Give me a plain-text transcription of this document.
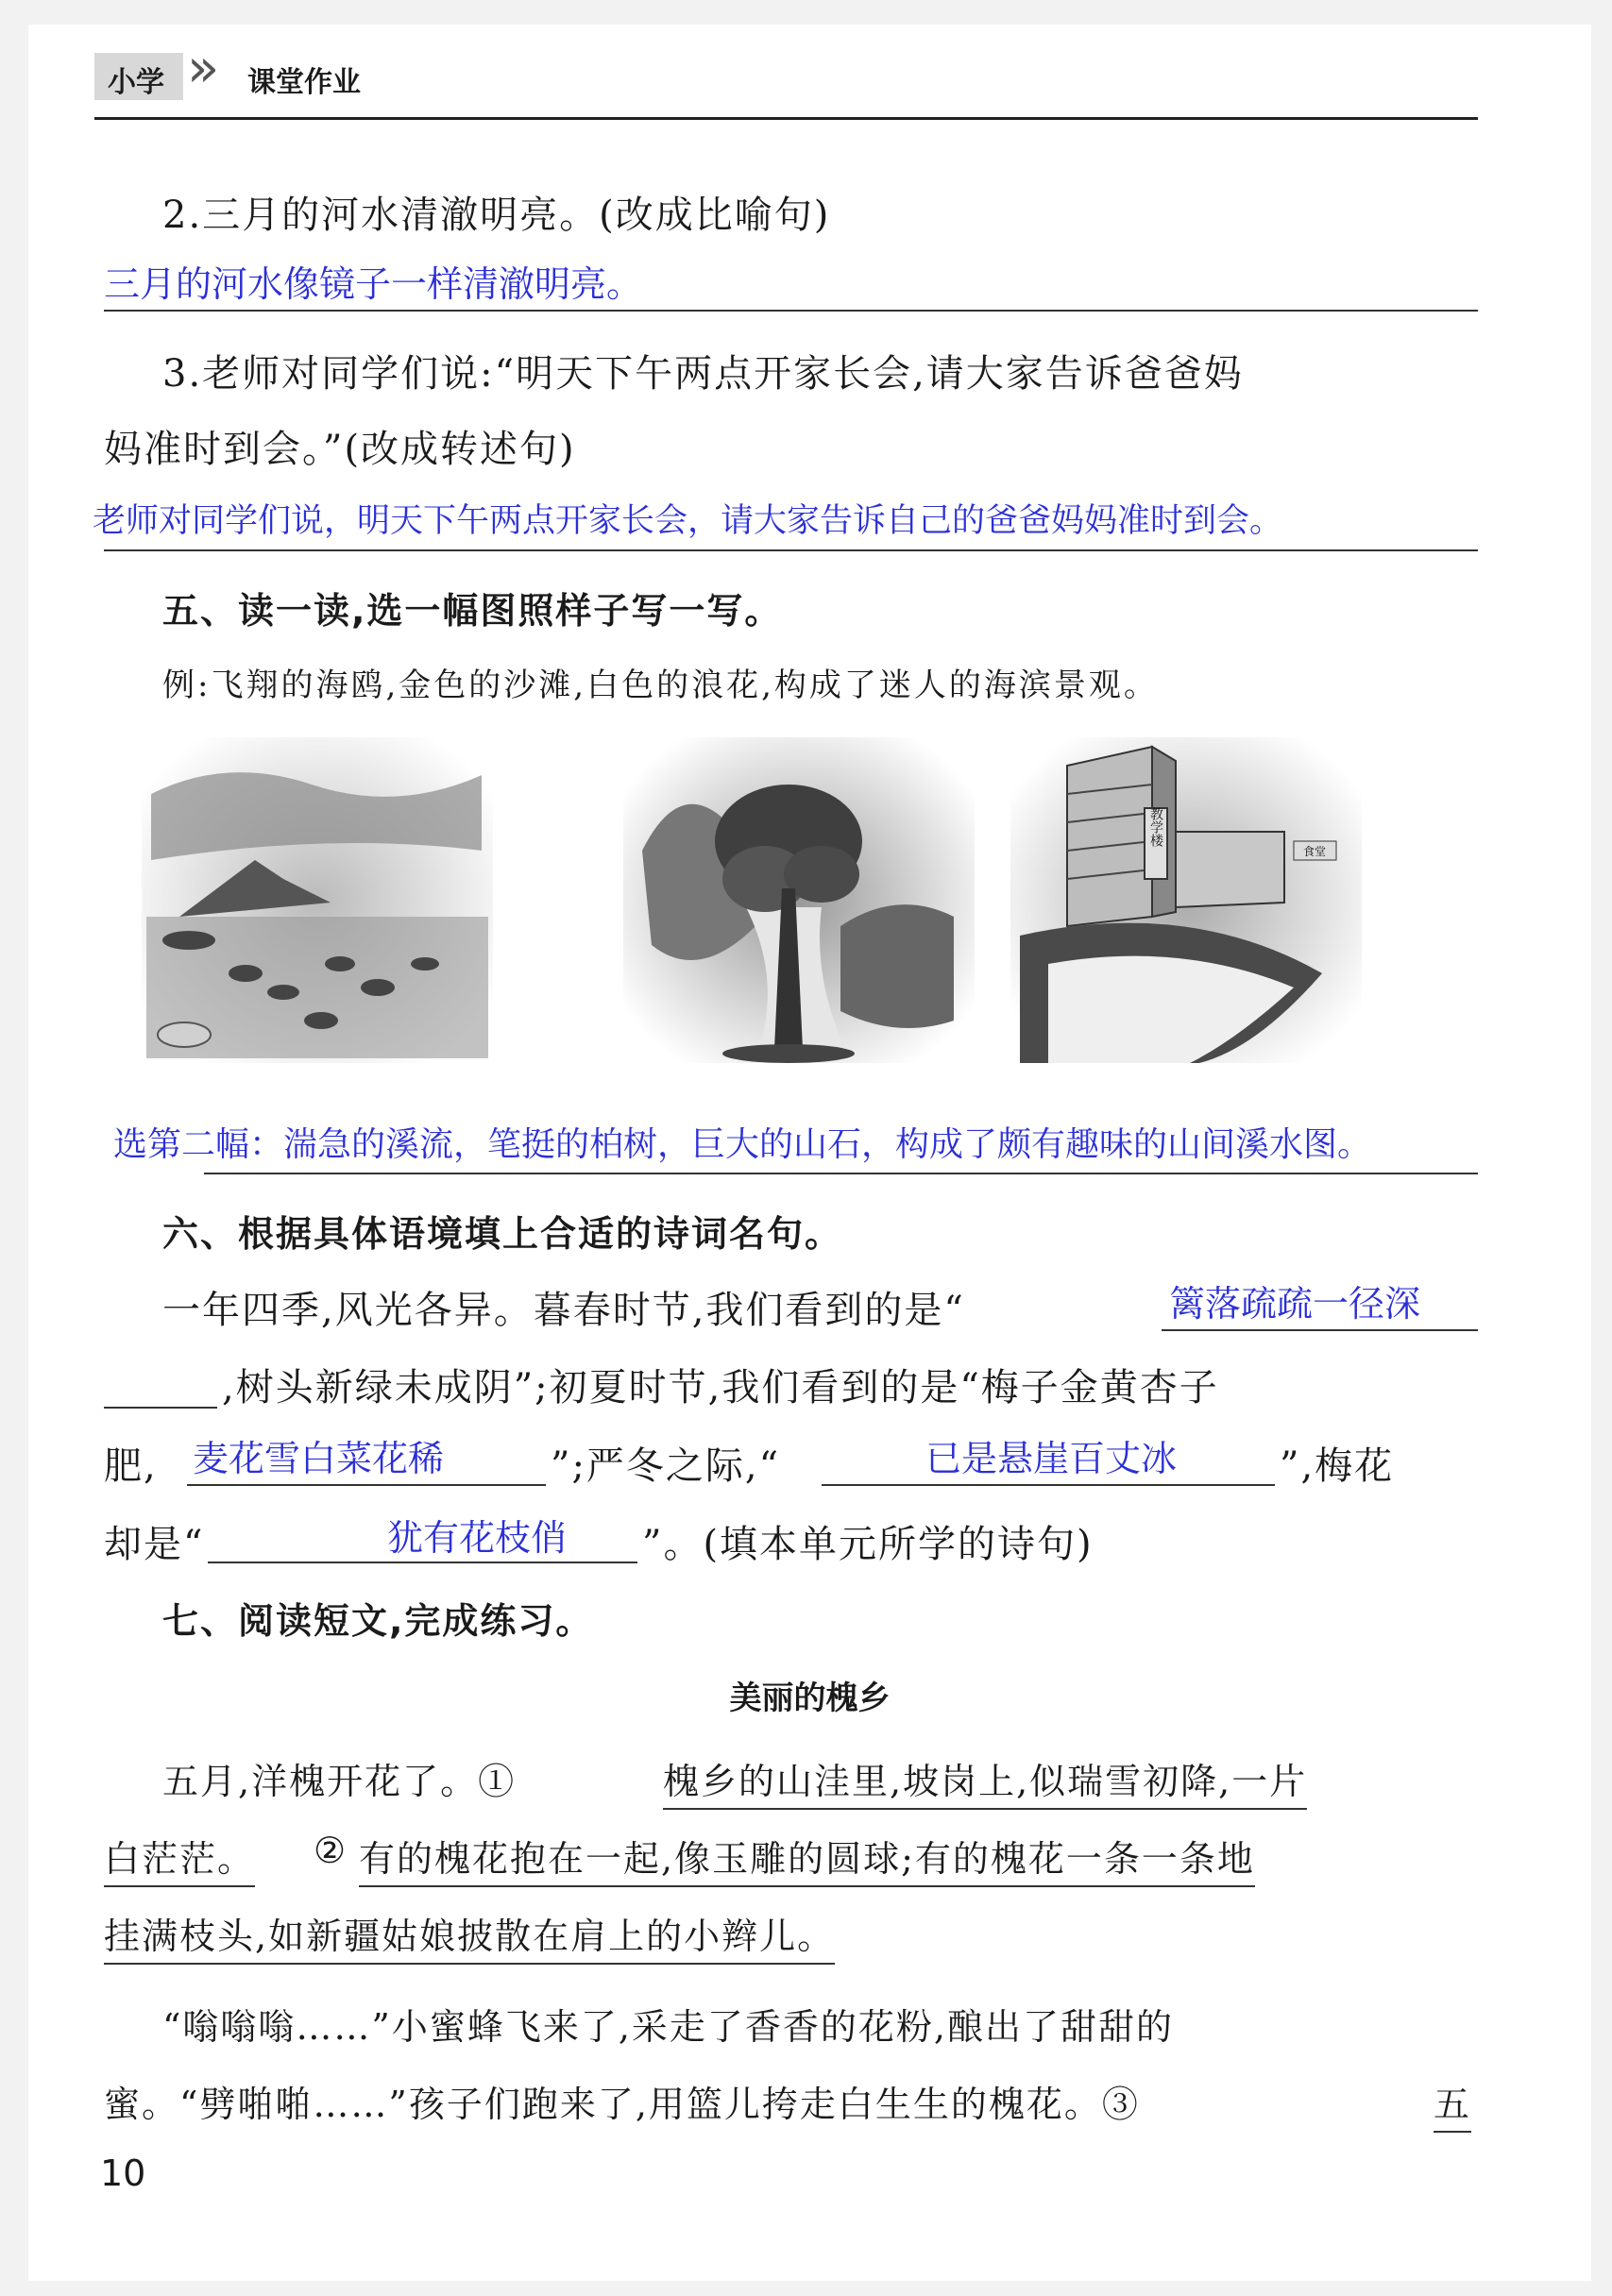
小学 » 课堂作业
2.三月的河水清澈明亮。(改成比喻句)
三月的河水像镜子一样清澈明亮。
3.老师对同学们说:“明天下午两点开家长会,请大家告诉爸爸妈
妈准时到会。”(改成转述句)
老师对同学们说，明天下午两点开家长会，请大家告诉自己的爸爸妈妈准时到会。
五、读一读,选一幅图照样子写一写。
例:飞翔的海鸥,金色的沙滩,白色的浪花,构成了迷人的海滨景观。
教学楼
食堂
选第二幅：湍急的溪流，笔挺的柏树，巨大的山石，构成了颇有趣味的山间溪水图。
六、根据具体语境填上合适的诗词名句。
一年四季,风光各异。暮春时节,我们看到的是“	篱落疏疏一径深
,树头新绿未成阴”;初夏时节,我们看到的是“梅子金黄杏子
肥, 麦花雪白菜花稀	”;严冬之际,“	已是悬崖百丈冰	”,梅花
却是“	犹有花枝俏 ”。(填本单元所学的诗句)
七、阅读短文,完成练习。
美丽的槐乡
五月,洋槐开花了。①	槐乡的山洼里,坡岗上,似瑞雪初降,一片
白茫茫。 ② 有的槐花抱在一起,像玉雕的圆球;有的槐花一条一条地
挂满枝头,如新疆姑娘披散在肩上的小辫儿。
“嗡嗡嗡……”小蜜蜂飞来了,采走了香香的花粉,酿出了甜甜的
蜜。“劈啪啪……”孩子们跑来了,用篮儿挎走白生生的槐花。③	五
10
